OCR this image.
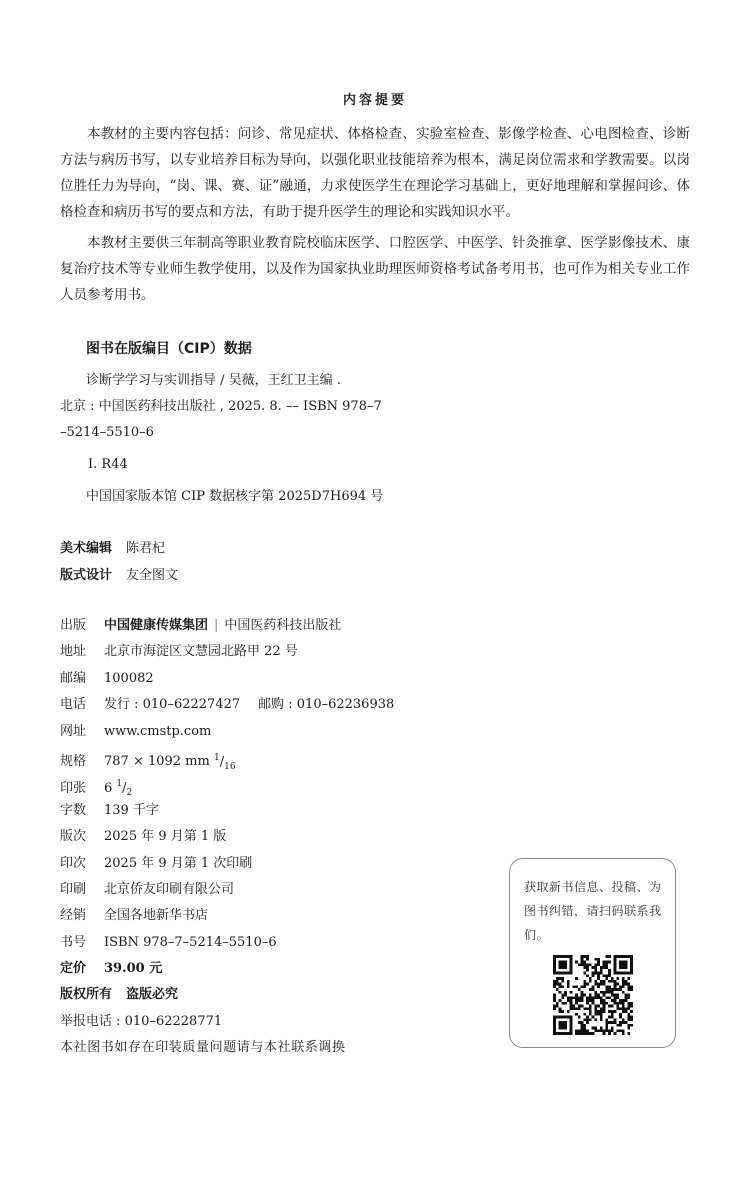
内容提要

本教材的主要内容包括：问诊、常见症状、体格检查、实验室检查、影像学检查、心电图检查、诊断方法与病历书写，以专业培养目标为导向，以强化职业技能培养为根本，满足岗位需求和学教需要。以岗位胜任力为导向，“岗、课、赛、证”融通，力求使医学生在理论学习基础上，更好地理解和掌握问诊、体格检查和病历书写的要点和方法，有助于提升医学生的理论和实践知识水平。

本教材主要供三年制高等职业教育院校临床医学、口腔医学、中医学、针灸推拿、医学影像技术、康复治疗技术等专业师生教学使用，以及作为国家执业助理医师资格考试备考用书，也可作为相关专业工作人员参考用书。

图书在版编目（CIP）数据
诊断学学习与实训指导 / 吴薇，王红卫主编 .
北京 : 中国医药科技出版社 , 2025. 8. –– ISBN 978–7
–5214–5510–6
Ⅰ. R44
中国国家版本馆 CIP 数据核字第 2025D7H694 号
美术编辑 陈君杞
版式设计 友全图文
出版 中国健康传媒集团 | 中国医药科技出版社
地址 北京市海淀区文慧园北路甲 22 号
邮编 100082
电话 发行 : 010–62227427 邮购 : 010–62236938
网址 www.cmstp.com
规格 787 × 1092 mm $^1/_{16}$
印张 6 $^1/_2$
字数 139 千字
版次 2025 年 9 月第 1 版
印次 2025 年 9 月第 1 次印刷
印刷 北京侨友印刷有限公司
经销 全国各地新华书店
书号 ISBN 978–7–5214–5510–6
定价 39.00 元
版权所有 盗版必究
举报电话 : 010–62228771
本社图书如存在印装质量问题请与本社联系调换
获取新书信息、投稿、为图书纠错，请扫码联系我们。
